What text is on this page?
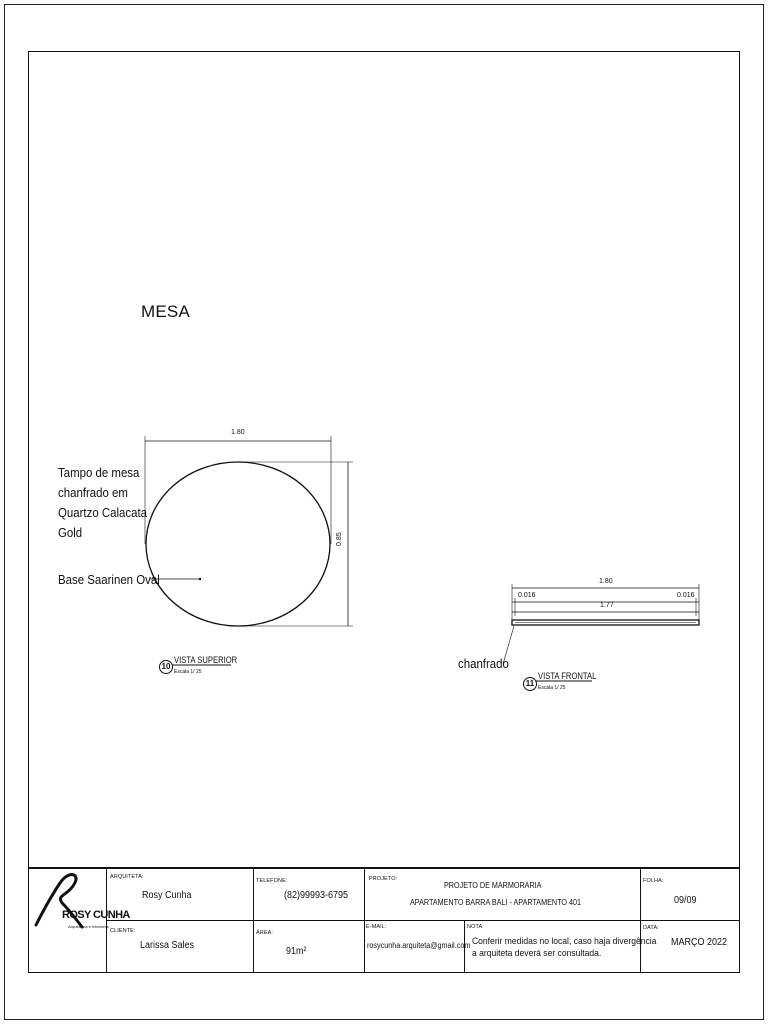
MESA
Tampo de mesa
chanfrado em
Quartzo Calacata
Gold
Base Saarinen Oval
1.80
0.85
10
VISTA SUPERIOR
Escala 1/ 25
1.80
0.016	0.016
1.77
chanfrado
11
VISTA FRONTAL
Escala 1/ 25
ROSY CUNHA
Arquitetura e Interiores
ARQUITETA:
Rosy Cunha
CLIENTE:
Larissa Sales
TELEFONE:
(82)99993-6795
ÁREA:
91m²
PROJETO:
PROJETO DE MARMORARIA
APARTAMENTO BARRA BALI - APARTAMENTO 401
E-MAIL:
rosycunha.arquiteta@gmail.com
NOTA:
Conferir medidas no local, caso haja divergência
a arquiteta deverá ser consultada.
FOLHA:
09/09
DATA:
MARÇO 2022
